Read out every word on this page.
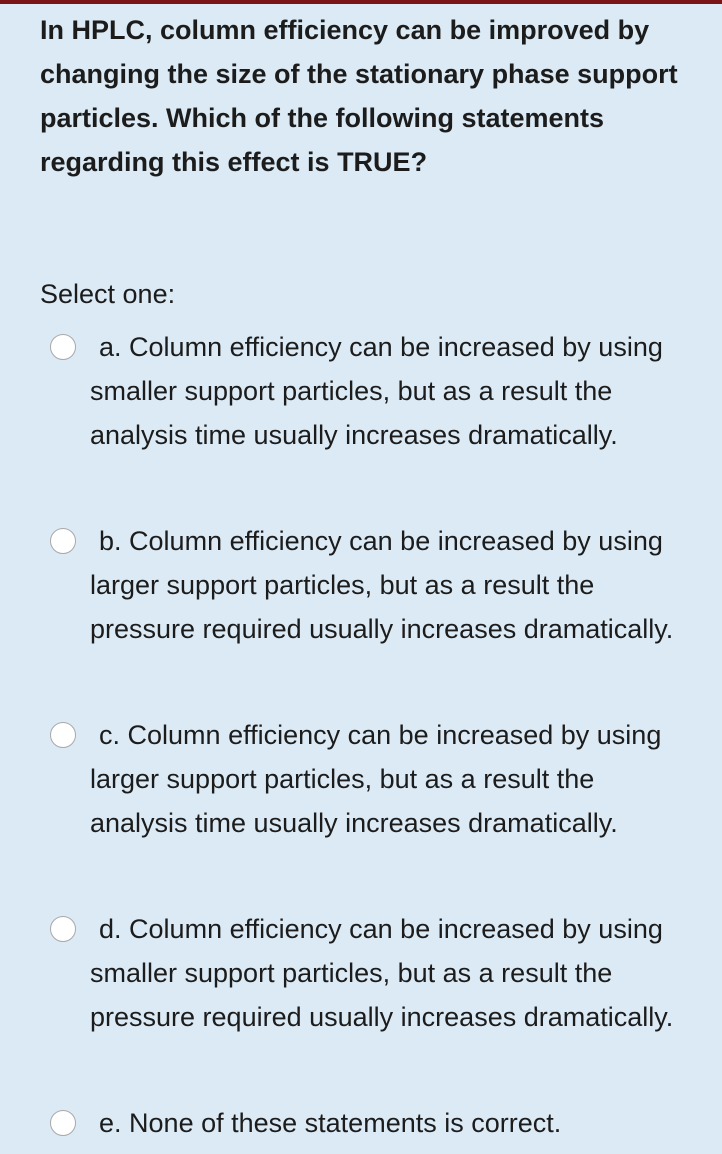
In HPLC, column efficiency can be improved by changing the size of the stationary phase support particles. Which of the following statements regarding this effect is TRUE?
Select one:
a. Column efficiency can be increased by using smaller support particles, but as a result the analysis time usually increases dramatically.
b. Column efficiency can be increased by using larger support particles, but as a result the pressure required usually increases dramatically.
c. Column efficiency can be increased by using larger support particles, but as a result the analysis time usually increases dramatically.
d. Column efficiency can be increased by using smaller support particles, but as a result the pressure required usually increases dramatically.
e. None of these statements is correct.
